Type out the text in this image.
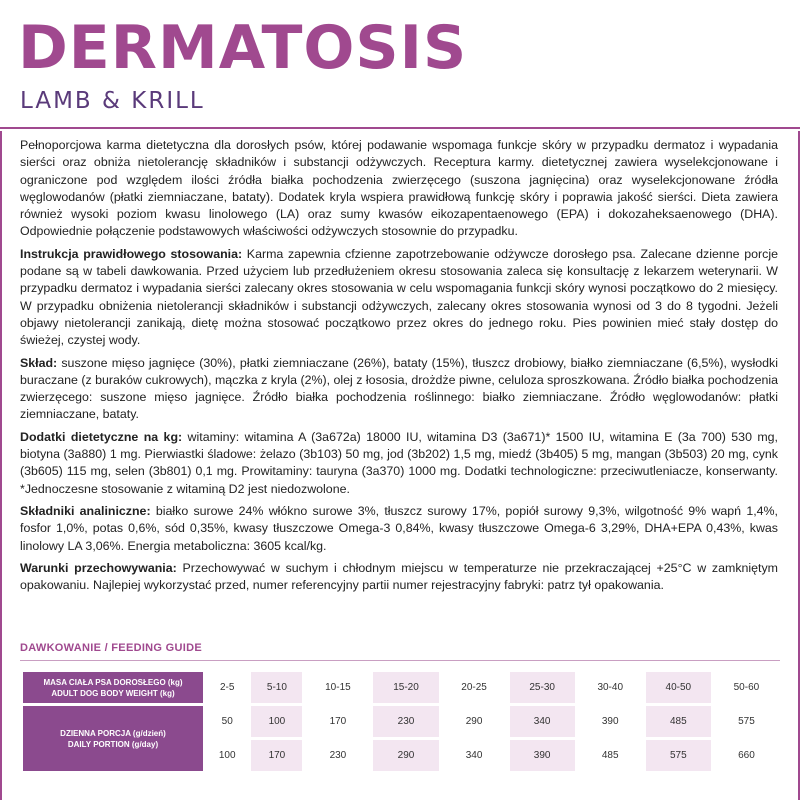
DERMATOSIS
LAMB & KRILL

Pełnoporcjowa karma dietetyczna dla dorosłych psów, której podawanie wspomaga funkcje skóry w przypadku dermatoz i wypadania sierści oraz obniża nietolerancję składników i substancji odżywczych. Receptura karmy. dietetycznej zawiera wyselekcjonowane i ograniczone pod względem ilości źródła białka pochodzenia zwierzęcego (suszona jagnięcina) oraz wyselekcjonowane źródła węglowodanów (płatki ziemniaczane, bataty). Dodatek kryla wspiera prawidłową funkcję skóry i poprawia jakość sierści. Dieta zawiera również wysoki poziom kwasu linolowego (LA) oraz sumy kwasów eikozapentaenowego (EPA) i dokozaheksaenowego (DHA). Odpowiednie połączenie podstawowych właściwości odżywczych stosownie do przypadku.

Instrukcja prawidłowego stosowania: Karma zapewnia cfzienne zapotrzebowanie odżywcze dorosłego psa. Zalecane dzienne porcje podane są w tabeli dawkowania. Przed użyciem lub przedłużeniem okresu stosowania zaleca się konsultację z lekarzem weterynarii. W przypadku dermatoz i wypadania sierści zalecany okres stosowania w celu wspomagania funkcji skóry wynosi początkowo do 2 miesięcy. W przypadku obniżenia nietolerancji składników i substancji odżywczych, zalecany okres stosowania wynosi od 3 do 8 tygodni. Jeżeli objawy nietolerancji zanikają, dietę można stosować początkowo przez okres do jednego roku. Pies powinien mieć stały dostęp do świeżej, czystej wody.

Skład: suszone mięso jagnięce (30%), płatki ziemniaczane (26%), bataty (15%), tłuszcz drobiowy, białko ziemniaczane (6,5%), wysłodki buraczane (z buraków cukrowych), mączka z kryla (2%), olej z łososia, drożdże piwne, celuloza sproszkowana. Źródło białka pochodzenia zwierzęcego: suszone mięso jagnięce. Źródło białka pochodzenia roślinnego: białko ziemniaczane. Źródło węglowodanów: płatki ziemniaczane, bataty.

Dodatki dietetyczne na kg: witaminy: witamina A (3a672a) 18000 IU, witamina D3 (3a671)* 1500 IU, witamina E (3a 700) 530 mg, biotyna (3a880) 1 mg. Pierwiastki śladowe: żelazo (3b103) 50 mg, jod (3b202) 1,5 mg, miedź (3b405) 5 mg, mangan (3b503) 20 mg, cynk (3b605) 115 mg, selen (3b801) 0,1 mg. Prowitaminy: tauryna (3a370) 1000 mg. Dodatki technologiczne: przeciwutleniacze, konserwanty. *Jednoczesne stosowanie z witaminą D2 jest niedozwolone.

Składniki analiniczne: białko surowe 24% włókno surowe 3%, tłuszcz surowy 17%, popiół surowy 9,3%, wilgotność 9% wapń 1,4%, fosfor 1,0%, potas 0,6%, sód 0,35%, kwasy tłuszczowe Omega-3 0,84%, kwasy tłuszczowe Omega-6 3,29%, DHA+EPA 0,43%, kwas linolowy LA 3,06%. Energia metaboliczna: 3605 kcal/kg.

Warunki przechowywania: Przechowywać w suchym i chłodnym miejscu w temperaturze nie przekraczającej +25°C w zamkniętym opakowaniu. Najlepiej wykorzystać przed, numer referencyjny partii numer rejestracyjny fabryki: patrz tył opakowania.

DAWKOWANIE / FEEDING GUIDE
MASA CIAŁA PSA DOROSŁEGO (kg)
ADULT DOG BODY WEIGHT (kg)	2-5	5-10	10-15	15-20	20-25	25-30	30-40	40-50	50-60

DZIENNA PORCJA (g/dzień)
DAILY PORTION (g/day)	50	100	170	230	290	340	390	485	575
	100	170	230	290	340	390	485	575	660
